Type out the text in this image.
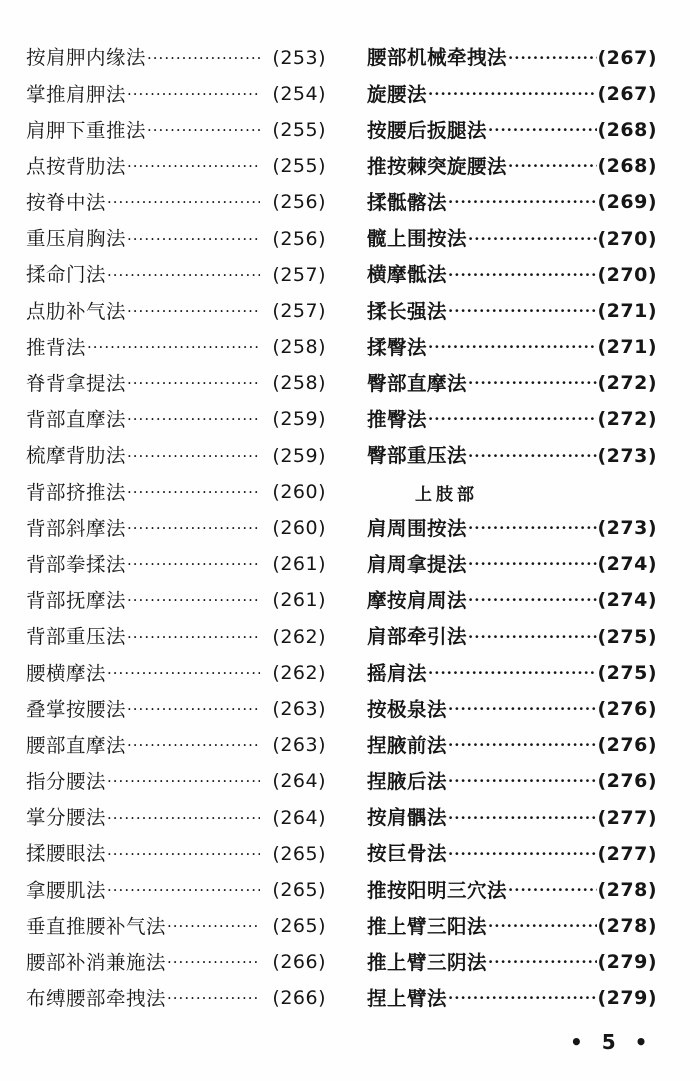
按肩胛内缘法 ·····	(253)
掌推肩胛法 ·····	(254)
肩胛下重推法 ·····	(255)
点按背肋法 ·····	(255)
按脊中法 ·····	(256)
重压肩胸法 ·····	(256)
揉命门法 ·····	(257)
点肋补气法 ·····	(257)
推背法 ·····	(258)
脊背拿提法 ·····	(258)
背部直摩法 ·····	(259)
梳摩背肋法 ·····	(259)
背部挤推法 ·····	(260)
背部斜摩法 ·····	(260)
背部拳揉法 ·····	(261)
背部抚摩法 ·····	(261)
背部重压法 ·····	(262)
腰横摩法 ·····	(262)
叠掌按腰法 ·····	(263)
腰部直摩法 ·····	(263)
指分腰法 ·····	(264)
掌分腰法 ·····	(264)
揉腰眼法 ·····	(265)
拿腰肌法 ·····	(265)
垂直推腰补气法 ·····	(265)
腰部补消兼施法 ·····	(266)
布缚腰部牵拽法 ·····	(266)
腰部机械牵拽法 ·····	(267)
旋腰法 ·····	(267)
按腰后扳腿法 ·····	(268)
推按棘突旋腰法 ·····	(268)
揉骶髂法 ·····	(269)
髋上围按法 ·····	(270)
横摩骶法 ·····	(270)
揉长强法 ·····	(271)
揉臀法 ·····	(271)
臀部直摩法 ·····	(272)
推臀法 ·····	(272)
臀部重压法 ·····	(273)
上肢部
肩周围按法 ·····	(273)
肩周拿提法 ·····	(274)
摩按肩周法 ·····	(274)
肩部牵引法 ·····	(275)
摇肩法 ·····	(275)
按极泉法 ·····	(276)
捏腋前法 ·····	(276)
捏腋后法 ·····	(276)
按肩髃法 ·····	(277)
按巨骨法 ·····	(277)
推按阳明三穴法 ·····	(278)
推上臂三阳法 ·····	(278)
推上臂三阴法 ·····	(279)
捏上臂法 ·····	(279)
• 5 •
